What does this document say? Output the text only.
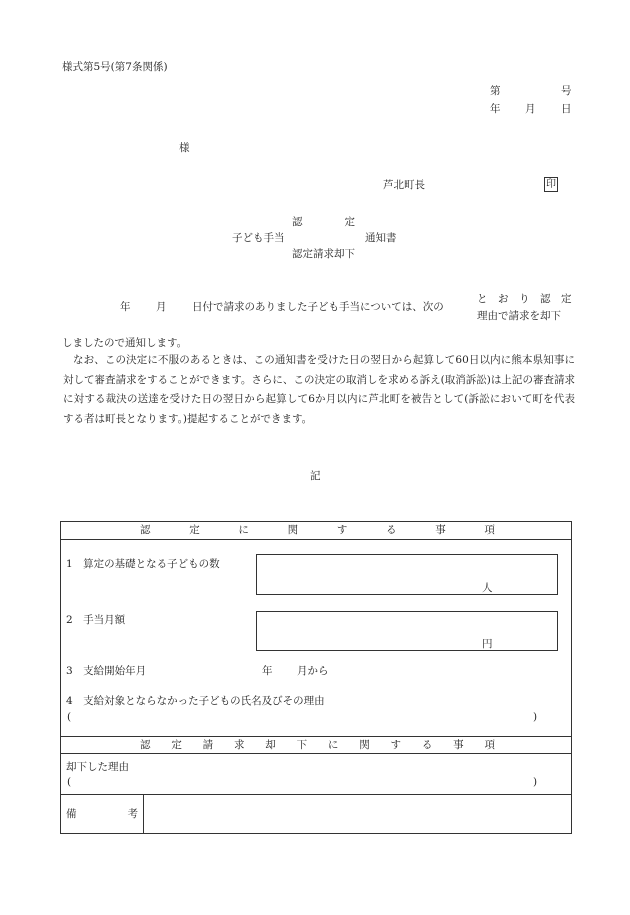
様式第5号(第7条関係)
第	号
年 月 日
様
芦北町長	印
認　　　　定
子ども手当	通知書
認定請求却下
年 月 日付で請求のありました子ども手当については、次の
と　お　り　認　定
理由で請求を却下
しましたので通知します。
なお、この決定に不服のあるときは、この通知書を受けた日の翌日から起算して60日以内に熊本県知事に対して審査請求をすることができます。さらに、この決定の取消しを求める訴え(取消訴訟)は上記の審査請求に対する裁決の送達を受けた日の翌日から起算して6か月以内に芦北町を被告として(訴訟において町を代表する者は町長となります。)提起することができます。
記
認	定	に	関	す	る	事	項
1　算定の基礎となる子どもの数
人
2　手当月額
円
3　支給開始年月	年 月から
4　支給対象とならなかった子どもの氏名及びその理由
(	)
認 定 請 求 却 下 に 関 す る 事 項
却下した理由
(	)
備	考
